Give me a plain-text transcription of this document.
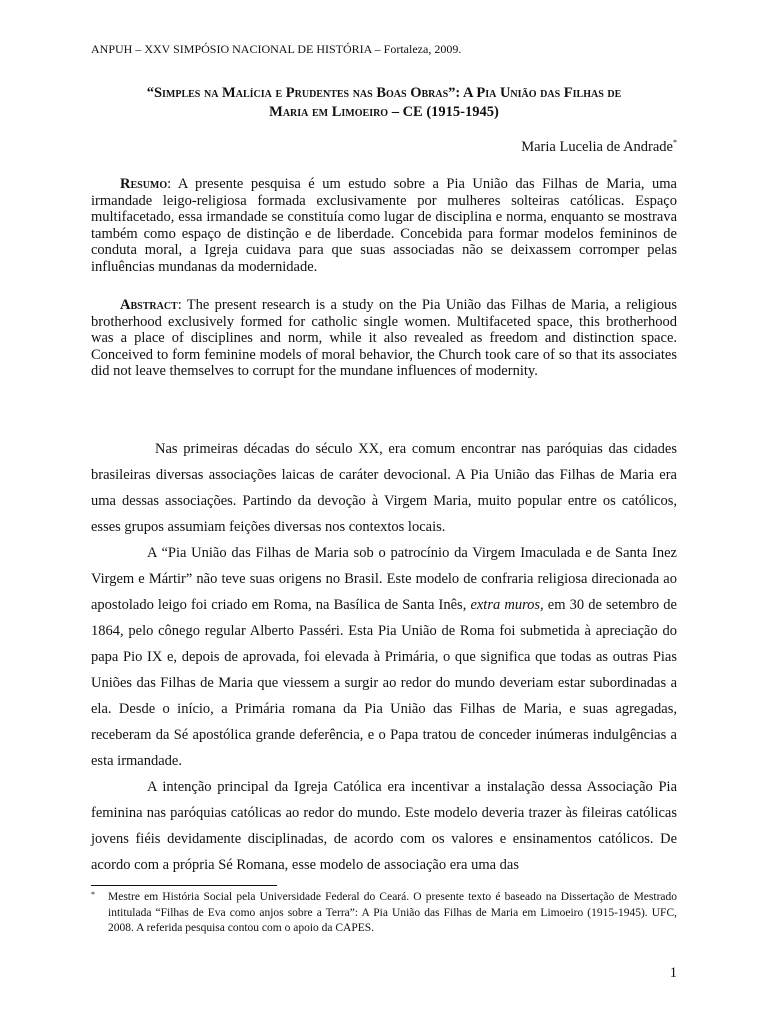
ANPUH – XXV SIMPÓSIO NACIONAL DE HISTÓRIA – Fortaleza, 2009.
“Simples na Malícia e Prudentes nas Boas Obras”: A Pia União das Filhas de
Maria em Limoeiro – CE (1915-1945)
Maria Lucelia de Andrade*
Resumo: A presente pesquisa é um estudo sobre a Pia União das Filhas de Maria, uma irmandade leigo-religiosa formada exclusivamente por mulheres solteiras católicas. Espaço multifacetado, essa irmandade se constituía como lugar de disciplina e norma, enquanto se mostrava também como espaço de distinção e de liberdade. Concebida para formar modelos femininos de conduta moral, a Igreja cuidava para que suas associadas não se deixassem corromper pelas influências mundanas da modernidade.
Abstract: The present research is a study on the Pia União das Filhas de Maria, a religious brotherhood exclusively formed for catholic single women. Multifaceted space, this brotherhood was a place of disciplines and norm, while it also revealed as freedom and distinction space. Conceived to form feminine models of moral behavior, the Church took care of so that its associates did not leave themselves to corrupt for the mundane influences of modernity.

Nas primeiras décadas do século XX, era comum encontrar nas paróquias das cidades brasileiras diversas associações laicas de caráter devocional. A Pia União das Filhas de Maria era uma dessas associações. Partindo da devoção à Virgem Maria, muito popular entre os católicos, esses grupos assumiam feições diversas nos contextos locais.

A “Pia União das Filhas de Maria sob o patrocínio da Virgem Imaculada e de Santa Inez Virgem e Mártir” não teve suas origens no Brasil. Este modelo de confraria religiosa direcionada ao apostolado leigo foi criado em Roma, na Basílica de Santa Inês, extra muros, em 30 de setembro de 1864, pelo cônego regular Alberto Passéri. Esta Pia União de Roma foi submetida à apreciação do papa Pio IX e, depois de aprovada, foi elevada à Primária, o que significa que todas as outras Pias Uniões das Filhas de Maria que viessem a surgir ao redor do mundo deveriam estar subordinadas a ela. Desde o início, a Primária romana da Pia União das Filhas de Maria, e suas agregadas, receberam da Sé apostólica grande deferência, e o Papa tratou de conceder inúmeras indulgências a esta irmandade.

A intenção principal da Igreja Católica era incentivar a instalação dessa Associação Pia feminina nas paróquias católicas ao redor do mundo. Este modelo deveria trazer às fileiras católicas jovens fiéis devidamente disciplinadas, de acordo com os valores e ensinamentos católicos. De acordo com a própria Sé Romana, esse modelo de associação era uma das

*	Mestre em História Social pela Universidade Federal do Ceará. O presente texto é baseado na Dissertação de Mestrado intitulada “Filhas de Eva como anjos sobre a Terra”: A Pia União das Filhas de Maria em Limoeiro (1915-1945). UFC, 2008. A referida pesquisa contou com o apoio da CAPES.
1
